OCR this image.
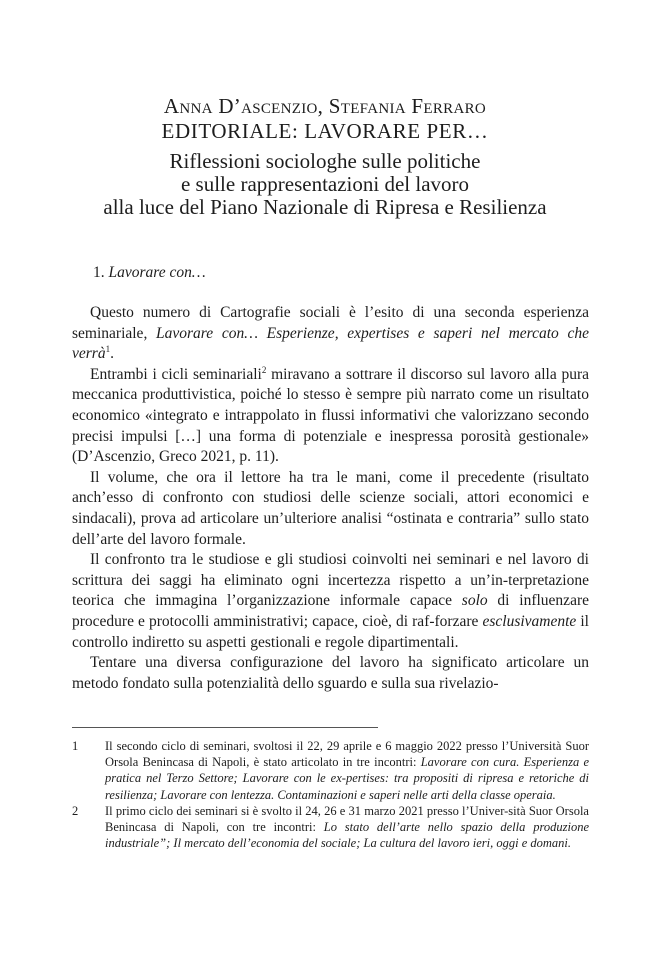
Anna D’ascenzio, Stefania Ferraro
EDITORIALE: LAVORARE PER…
Riflessioni sociologhe sulle politiche
e sulle rappresentazioni del lavoro
alla luce del Piano Nazionale di Ripresa e Resilienza

1. Lavorare con…

Questo numero di Cartografie sociali è l’esito di una seconda esperienza seminariale, Lavorare con… Esperienze, expertises e saperi nel mercato che verrà$^1$.

Entrambi i cicli seminariali$^2$ miravano a sottrare il discorso sul lavoro alla pura meccanica produttivistica, poiché lo stesso è sempre più narrato come un risultato economico «integrato e intrappolato in flussi informativi che valorizzano secondo precisi impulsi […] una forma di potenziale e inespressa porosità gestionale» (D’Ascenzio, Greco 2021, p. 11).

Il volume, che ora il lettore ha tra le mani, come il precedente (risultato anch’esso di confronto con studiosi delle scienze sociali, attori economici e sindacali), prova ad articolare un’ulteriore analisi “ostinata e contraria” sullo stato dell’arte del lavoro formale.

Il confronto tra le studiose e gli studiosi coinvolti nei seminari e nel lavoro di scrittura dei saggi ha eliminato ogni incertezza rispetto a un’in-terpretazione teorica che immagina l’organizzazione informale capace solo di influenzare procedure e protocolli amministrativi; capace, cioè, di raf-forzare esclusivamente il controllo indiretto su aspetti gestionali e regole dipartimentali.

Tentare una diversa configurazione del lavoro ha significato articolare un metodo fondato sulla potenzialità dello sguardo e sulla sua rivelazio-

1	Il secondo ciclo di seminari, svoltosi il 22, 29 aprile e 6 maggio 2022 presso l’Università Suor Orsola Benincasa di Napoli, è stato articolato in tre incontri: Lavorare con cura. Esperienza e pratica nel Terzo Settore; Lavorare con le ex-pertises: tra propositi di ripresa e retoriche di resilienza; Lavorare con lentezza. Contaminazioni e saperi nelle arti della classe operaia.
2	Il primo ciclo dei seminari si è svolto il 24, 26 e 31 marzo 2021 presso l’Univer-sità Suor Orsola Benincasa di Napoli, con tre incontri: Lo stato dell’arte nello spazio della produzione industriale”; Il mercato dell’economia del sociale; La cultura del lavoro ieri, oggi e domani.
